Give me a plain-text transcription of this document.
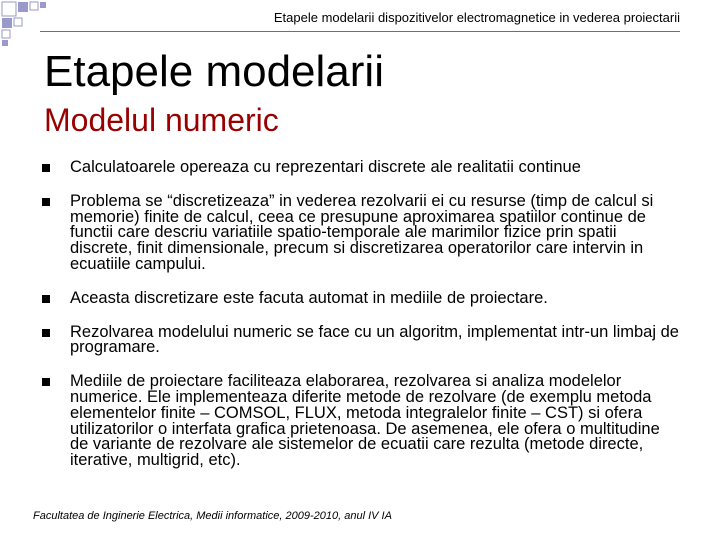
Etapele modelarii dispozitivelor electromagnetice in vederea proiectarii
Etapele modelarii
Modelul numeric
Calculatoarele opereaza cu reprezentari discrete ale realitatii continue
Problema se “discretizeaza” in vederea rezolvarii ei cu resurse (timp de calcul si memorie) finite de calcul, ceea ce presupune aproximarea spatiilor continue de functii care descriu variatiile spatio-temporale ale marimilor fizice prin spatii discrete, finit dimensionale, precum si discretizarea operatorilor care intervin in ecuatiile campului.
Aceasta discretizare este facuta automat in mediile de proiectare.
Rezolvarea modelului numeric se face cu un algoritm, implementat intr-un limbaj de programare.
Mediile de proiectare faciliteaza elaborarea, rezolvarea si analiza modelelor numerice. Ele implementeaza diferite metode de rezolvare (de exemplu metoda elementelor finite – COMSOL, FLUX, metoda integralelor finite – CST) si ofera utilizatorilor o interfata grafica prietenoasa. De asemenea, ele ofera o multitudine de variante de rezolvare ale sistemelor de ecuatii care rezulta (metode directe, iterative, multigrid, etc).
Facultatea de Inginerie Electrica, Medii informatice, 2009-2010, anul IV IA
